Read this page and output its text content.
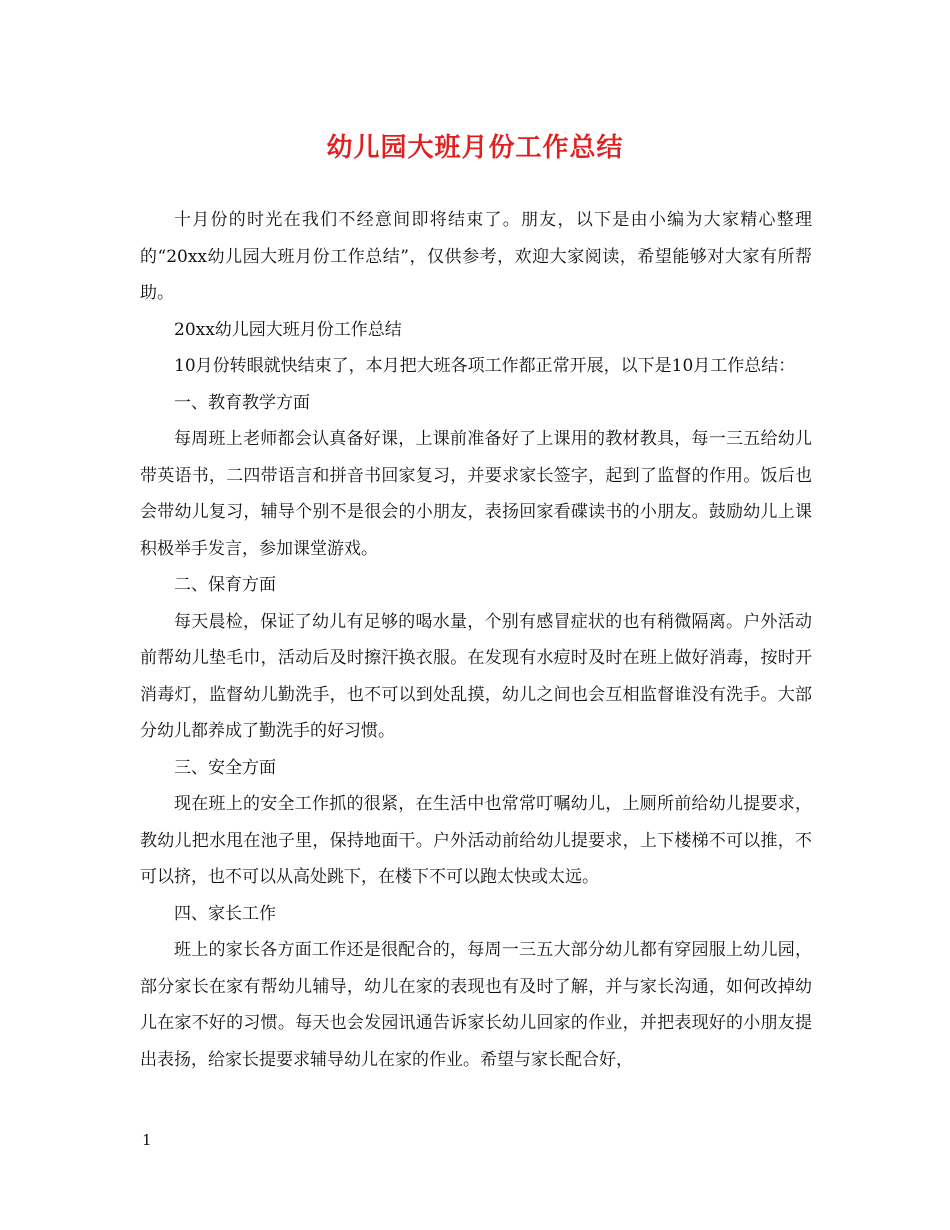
幼儿园大班月份工作总结

十月份的时光在我们不经意间即将结束了。朋友，以下是由小编为大家精心整理的“20xx幼儿园大班月份工作总结”，仅供参考，欢迎大家阅读，希望能够对大家有所帮助。

20xx幼儿园大班月份工作总结

10月份转眼就快结束了，本月把大班各项工作都正常开展，以下是10月工作总结：

一、教育教学方面

每周班上老师都会认真备好课，上课前准备好了上课用的教材教具，每一三五给幼儿带英语书，二四带语言和拼音书回家复习，并要求家长签字，起到了监督的作用。饭后也会带幼儿复习，辅导个别不是很会的小朋友，表扬回家看碟读书的小朋友。鼓励幼儿上课积极举手发言，参加课堂游戏。

二、保育方面

每天晨检，保证了幼儿有足够的喝水量，个别有感冒症状的也有稍微隔离。户外活动前帮幼儿垫毛巾，活动后及时擦汗换衣服。在发现有水痘时及时在班上做好消毒，按时开消毒灯，监督幼儿勤洗手，也不可以到处乱摸，幼儿之间也会互相监督谁没有洗手。大部分幼儿都养成了勤洗手的好习惯。

三、安全方面

现在班上的安全工作抓的很紧，在生活中也常常叮嘱幼儿，上厕所前给幼儿提要求，教幼儿把水甩在池子里，保持地面干。户外活动前给幼儿提要求，上下楼梯不可以推，不可以挤，也不可以从高处跳下，在楼下不可以跑太快或太远。

四、家长工作

班上的家长各方面工作还是很配合的，每周一三五大部分幼儿都有穿园服上幼儿园，部分家长在家有帮幼儿辅导，幼儿在家的表现也有及时了解，并与家长沟通，如何改掉幼儿在家不好的习惯。每天也会发园讯通告诉家长幼儿回家的作业，并把表现好的小朋友提出表扬，给家长提要求辅导幼儿在家的作业。希望与家长配合好，

1
